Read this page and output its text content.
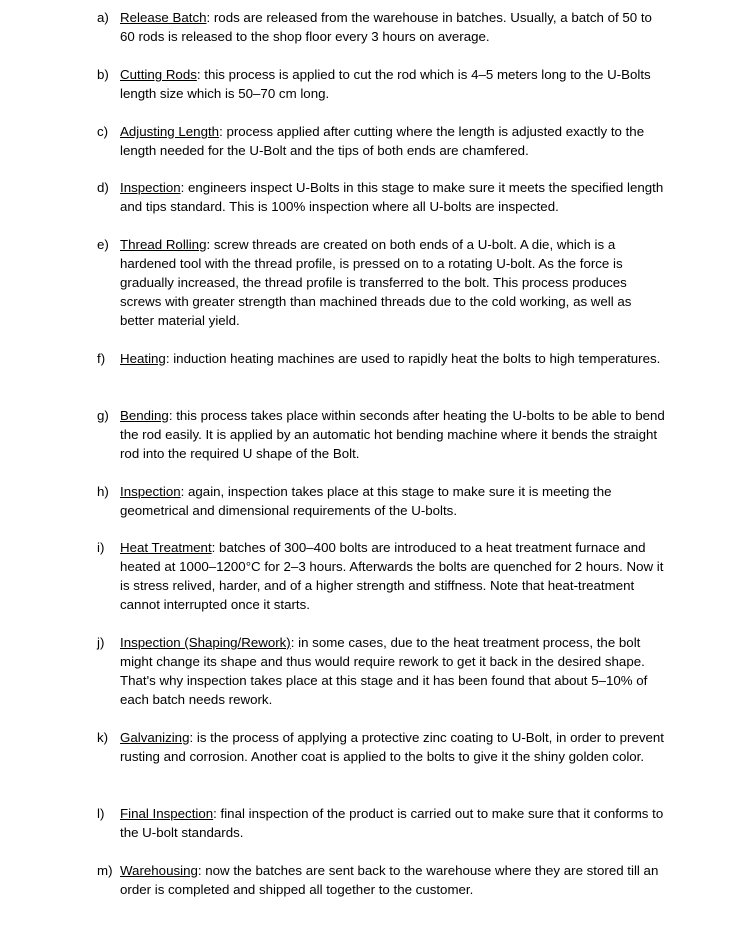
a) Release Batch: rods are released from the warehouse in batches. Usually, a batch of 50 to 60 rods is released to the shop floor every 3 hours on average.
b) Cutting Rods: this process is applied to cut the rod which is 4–5 meters long to the U-Bolts length size which is 50–70 cm long.
c) Adjusting Length: process applied after cutting where the length is adjusted exactly to the length needed for the U-Bolt and the tips of both ends are chamfered.
d) Inspection: engineers inspect U-Bolts in this stage to make sure it meets the specified length and tips standard. This is 100% inspection where all U-bolts are inspected.
e) Thread Rolling: screw threads are created on both ends of a U-bolt. A die, which is a hardened tool with the thread profile, is pressed on to a rotating U-bolt. As the force is gradually increased, the thread profile is transferred to the bolt. This process produces screws with greater strength than machined threads due to the cold working, as well as better material yield.
f)	Heating: induction heating machines are used to rapidly heat the bolts to high temperatures.
g) Bending: this process takes place within seconds after heating the U-bolts to be able to bend the rod easily. It is applied by an automatic hot bending machine where it bends the straight rod into the required U shape of the Bolt.
h) Inspection: again, inspection takes place at this stage to make sure it is meeting the geometrical and dimensional requirements of the U-bolts.
i)	Heat Treatment: batches of 300–400 bolts are introduced to a heat treatment furnace and heated at 1000–1200°C for 2–3 hours. Afterwards the bolts are quenched for 2 hours. Now it is stress relived, harder, and of a higher strength and stiffness. Note that heat-treatment cannot interrupted once it starts.
j)	Inspection (Shaping/Rework): in some cases, due to the heat treatment process, the bolt might change its shape and thus would require rework to get it back in the desired shape. That's why inspection takes place at this stage and it has been found that about 5–10% of each batch needs rework.
k) Galvanizing: is the process of applying a protective zinc coating to U-Bolt, in order to prevent rusting and corrosion. Another coat is applied to the bolts to give it the shiny golden color.
l)	Final Inspection: final inspection of the product is carried out to make sure that it conforms to the U-bolt standards.
m) Warehousing: now the batches are sent back to the warehouse where they are stored till an order is completed and shipped all together to the customer.
